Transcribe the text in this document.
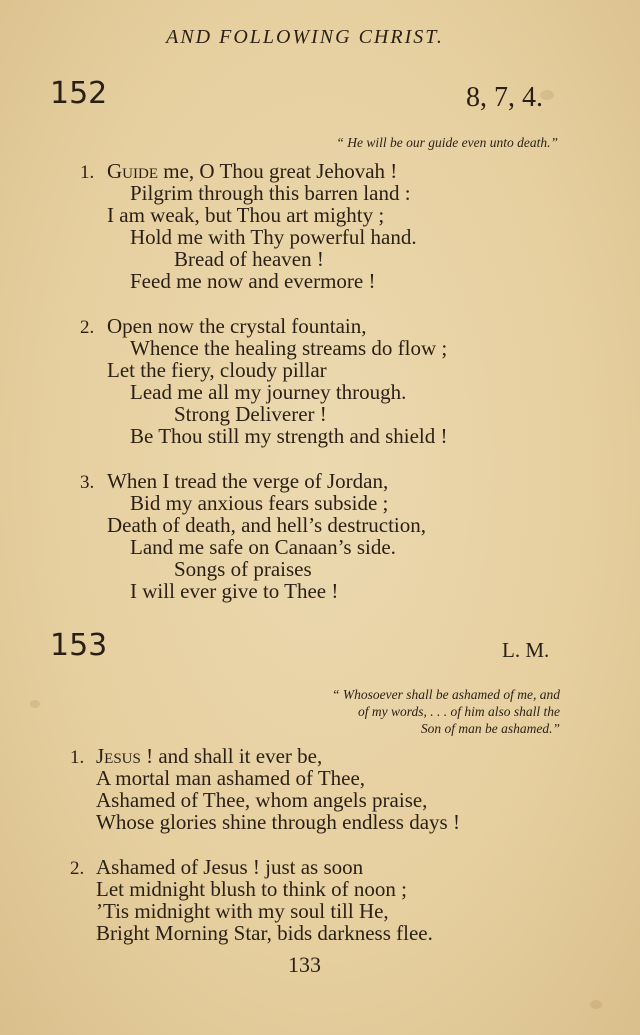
AND FOLLOWING CHRIST.
152	8, 7, 4.
“ He will be our guide even unto death.”
1. Guide me, O Thou great Jehovah !
Pilgrim through this barren land :
I am weak, but Thou art mighty ;
Hold me with Thy powerful hand.
Bread of heaven !
Feed me now and evermore !
2. Open now the crystal fountain,
Whence the healing streams do flow ;
Let the fiery, cloudy pillar
Lead me all my journey through.
Strong Deliverer !
Be Thou still my strength and shield !
3. When I tread the verge of Jordan,
Bid my anxious fears subside ;
Death of death, and hell’s destruction,
Land me safe on Canaan’s side.
Songs of praises
I will ever give to Thee !
153	L. M.
“ Whosoever shall be ashamed of me, and
of my words, . . . of him also shall the
Son of man be ashamed.”
1. Jesus ! and shall it ever be,
A mortal man ashamed of Thee,
Ashamed of Thee, whom angels praise,
Whose glories shine through endless days !
2. Ashamed of Jesus ! just as soon
Let midnight blush to think of noon ;
’Tis midnight with my soul till He,
Bright Morning Star, bids darkness flee.
133
